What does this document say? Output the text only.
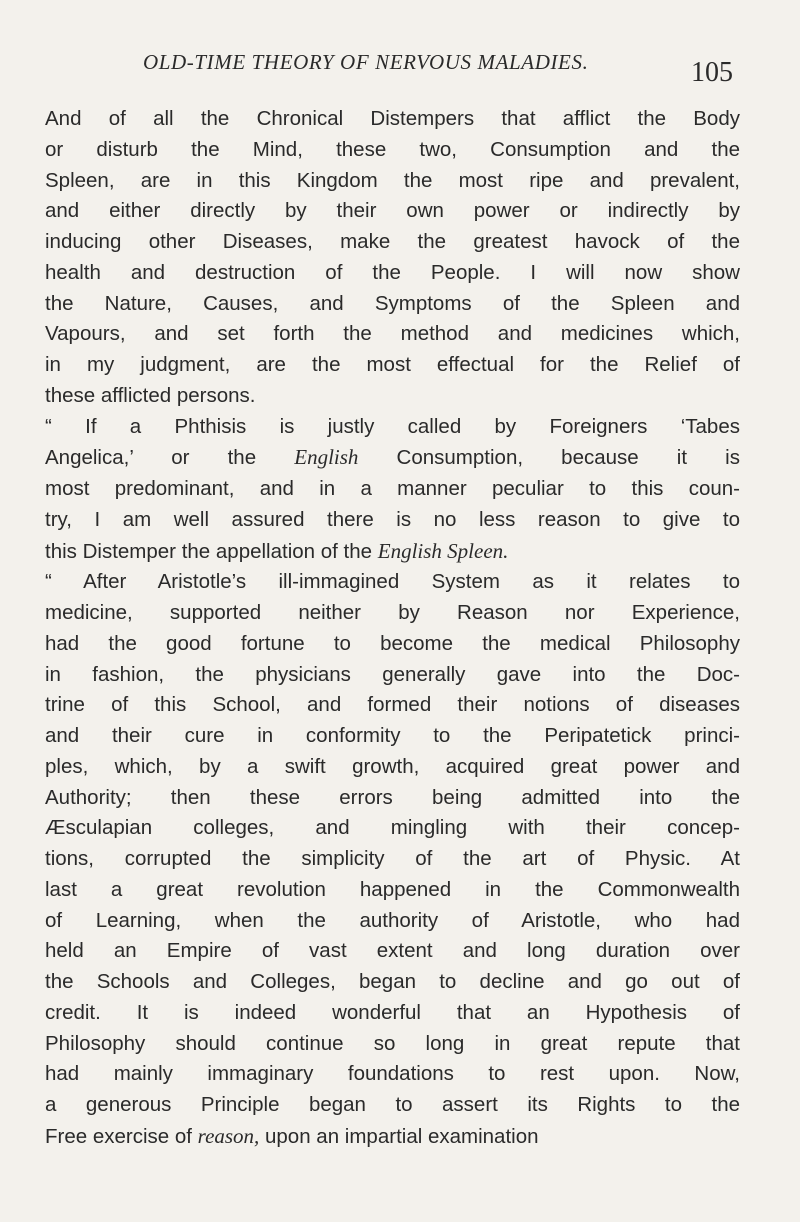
OLD-TIME THEORY OF NERVOUS MALADIES.	105
And of all the Chronical Distempers that afflict the Body
or disturb the Mind, these two, Consumption and the
Spleen, are in this Kingdom the most ripe and prevalent,
and either directly by their own power or indirectly by
inducing other Diseases, make the greatest havock of the
health and destruction of the People. I will now show
the Nature, Causes, and Symptoms of the Spleen and
Vapours, and set forth the method and medicines which,
in my judgment, are the most effectual for the Relief of
these afflicted persons.
“ If a Phthisis is justly called by Foreigners ‘Tabes
Angelica,’ or the English Consumption, because it is
most predominant, and in a manner peculiar to this coun-
try, I am well assured there is no less reason to give to
this Distemper the appellation of the English Spleen.
“ After Aristotle’s ill-immagined System as it relates to
medicine, supported neither by Reason nor Experience,
had the good fortune to become the medical Philosophy
in fashion, the physicians generally gave into the Doc-
trine of this School, and formed their notions of diseases
and their cure in conformity to the Peripatetick princi-
ples, which, by a swift growth, acquired great power and
Authority; then these errors being admitted into the
Æsculapian colleges, and mingling with their concep-
tions, corrupted the simplicity of the art of Physic. At
last a great revolution happened in the Commonwealth
of Learning, when the authority of Aristotle, who had
held an Empire of vast extent and long duration over
the Schools and Colleges, began to decline and go out of
credit. It is indeed wonderful that an Hypothesis of
Philosophy should continue so long in great repute that
had mainly immaginary foundations to rest upon. Now,
a generous Principle began to assert its Rights to the
Free exercise of reason, upon an impartial examination
